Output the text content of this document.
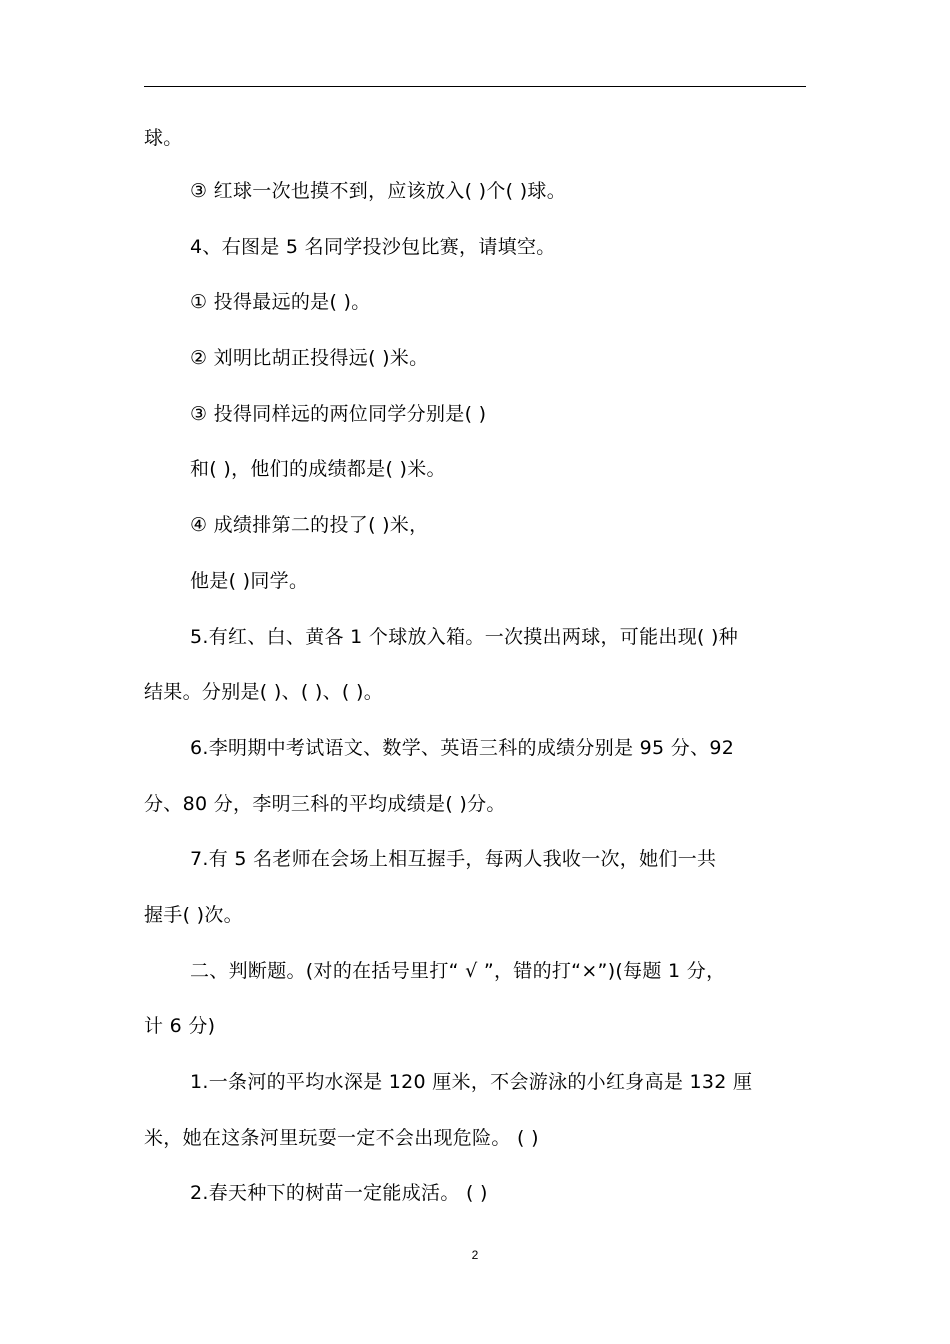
球。
③ 红球一次也摸不到，应该放入( )个( )球。
4、右图是 5 名同学投沙包比赛，请填空。
① 投得最远的是( )。
② 刘明比胡正投得远( )米。
③ 投得同样远的两位同学分别是( )
和( )，他们的成绩都是( )米。
④ 成绩排第二的投了( )米，
他是( )同学。
5.有红、白、黄各 1 个球放入箱。一次摸出两球，可能出现( )种
结果。分别是( )、( )、( )。
6.李明期中考试语文、数学、英语三科的成绩分别是 95 分、92
分、80 分，李明三科的平均成绩是( )分。
7.有 5 名老师在会场上相互握手，每两人我收一次，她们一共
握手( )次。
二、判断题。(对的在括号里打“ √ ”，错的打“×”)(每题 1 分，
计 6 分)
1.一条河的平均水深是 120 厘米，不会游泳的小红身高是 132 厘
米，她在这条河里玩耍一定不会出现危险。 ( )
2.春天种下的树苗一定能成活。 ( )
2
